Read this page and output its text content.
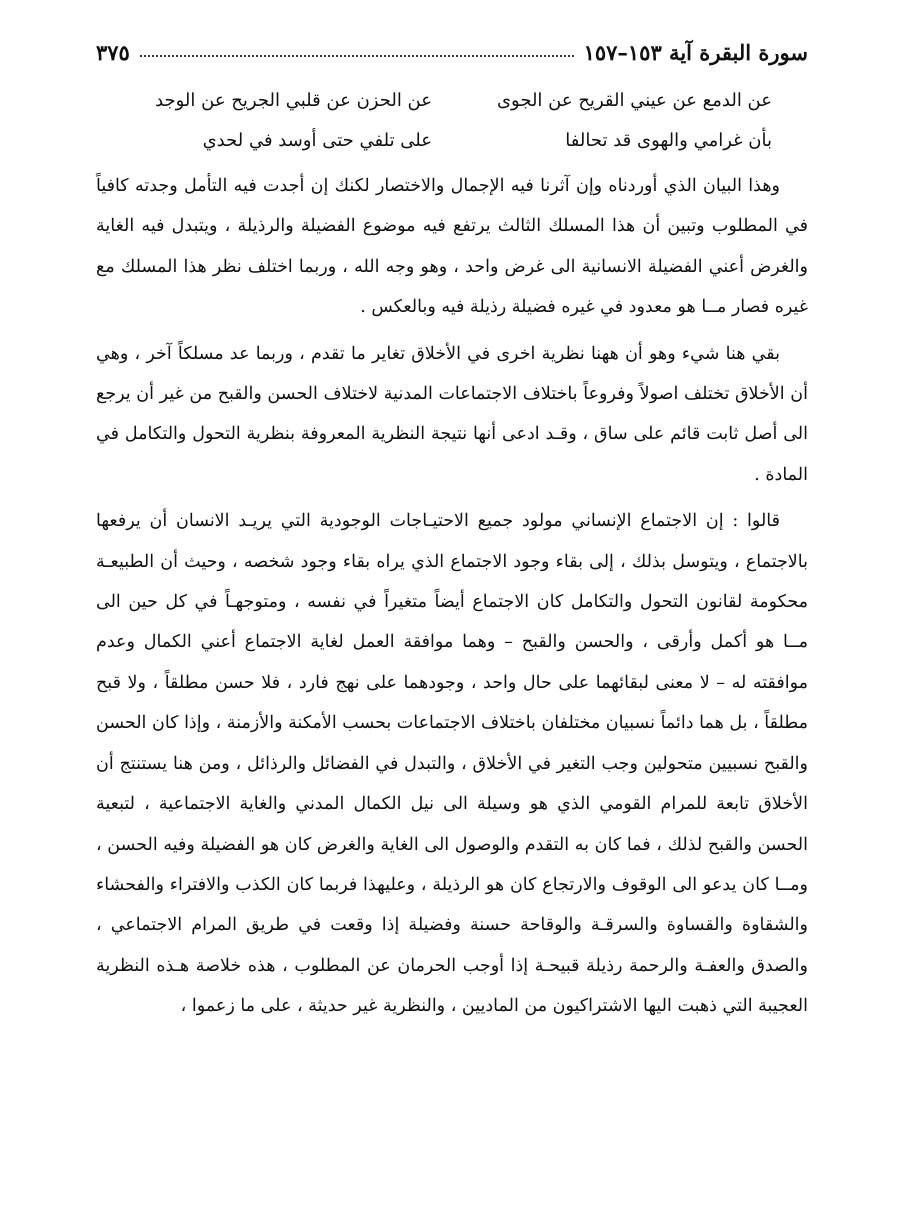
سورة البقرة آية ١٥٣–١٥٧
٣٧٥
عن الدمع عن عيني القريح عن الجوى
عن الحزن عن قلبي الجريح عن الوجد
بأن غرامي والهوى قد تحالفا
على تلفي حتى أوسد في لحدي

وهذا البيان الذي أوردناه وإن آثرنا فيه الإجمال والاختصار لكنك إن أجدت فيه التأمل وجدته كافياً في المطلوب وتبين أن هذا المسلك الثالث يرتفع فيه موضوع الفضيلة والرذيلة ، ويتبدل فيه الغاية والغرض أعني الفضيلة الانسانية الى غرض واحد ، وهو وجه الله ، وربما اختلف نظر هذا المسلك مع غيره فصار مــا هو معدود في غيره فضيلة رذيلة فيه وبالعكس .

بقي هنا شيء وهو أن ههنا نظرية اخرى في الأخلاق تغاير ما تقدم ، وربما عد مسلكاً آخر ، وهي أن الأخلاق تختلف اصولاً وفروعاً باختلاف الاجتماعات المدنية لاختلاف الحسن والقبح من غير أن يرجع الى أصل ثابت قائم على ساق ، وقـد ادعى أنها نتيجة النظرية المعروفة بنظرية التحول والتكامل في المادة .

قالوا : إن الاجتماع الإنساني مولود جميع الاحتيـاجات الوجودية التي يريـد الانسان أن يرفعها بالاجتماع ، ويتوسل بذلك ، إلى بقاء وجود الاجتماع الذي يراه بقاء وجود شخصه ، وحيث أن الطبيعـة محكومة لقانون التحول والتكامل كان الاجتماع أيضاً متغيراً في نفسه ، ومتوجهـاً في كل حين الى مــا هو أكمل وأرقى ، والحسن والقبح – وهما موافقة العمل لغاية الاجتماع أعني الكمال وعدم موافقته له – لا معنى لبقائهما على حال واحد ، وجودهما على نهج فارد ، فلا حسن مطلقاً ، ولا قبح مطلقاً ، بل هما دائماً نسبيان مختلفان باختلاف الاجتماعات بحسب الأمكنة والأزمنة ، وإذا كان الحسن والقبح نسبيين متحولين وجب التغير في الأخلاق ، والتبدل في الفضائل والرذائل ، ومن هنا يستنتج أن الأخلاق تابعة للمرام القومي الذي هو وسيلة الى نيل الكمال المدني والغاية الاجتماعية ، لتبعية الحسن والقبح لذلك ، فما كان به التقدم والوصول الى الغاية والغرض كان هو الفضيلة وفيه الحسن ، ومــا كان يدعو الى الوقوف والارتجاع كان هو الرذيلة ، وعليهذا فربما كان الكذب والافتراء والفحشاء والشقاوة والقساوة والسرقـة والوقاحة حسنة وفضيلة إذا وقعت في طريق المرام الاجتماعي ، والصدق والعفـة والرحمة رذيلة قبيحـة إذا أوجب الحرمان عن المطلوب ، هذه خلاصة هـذه النظرية العجيبة التي ذهبت اليها الاشتراكيون من الماديين ، والنظرية غير حديثة ، على ما زعموا ،
